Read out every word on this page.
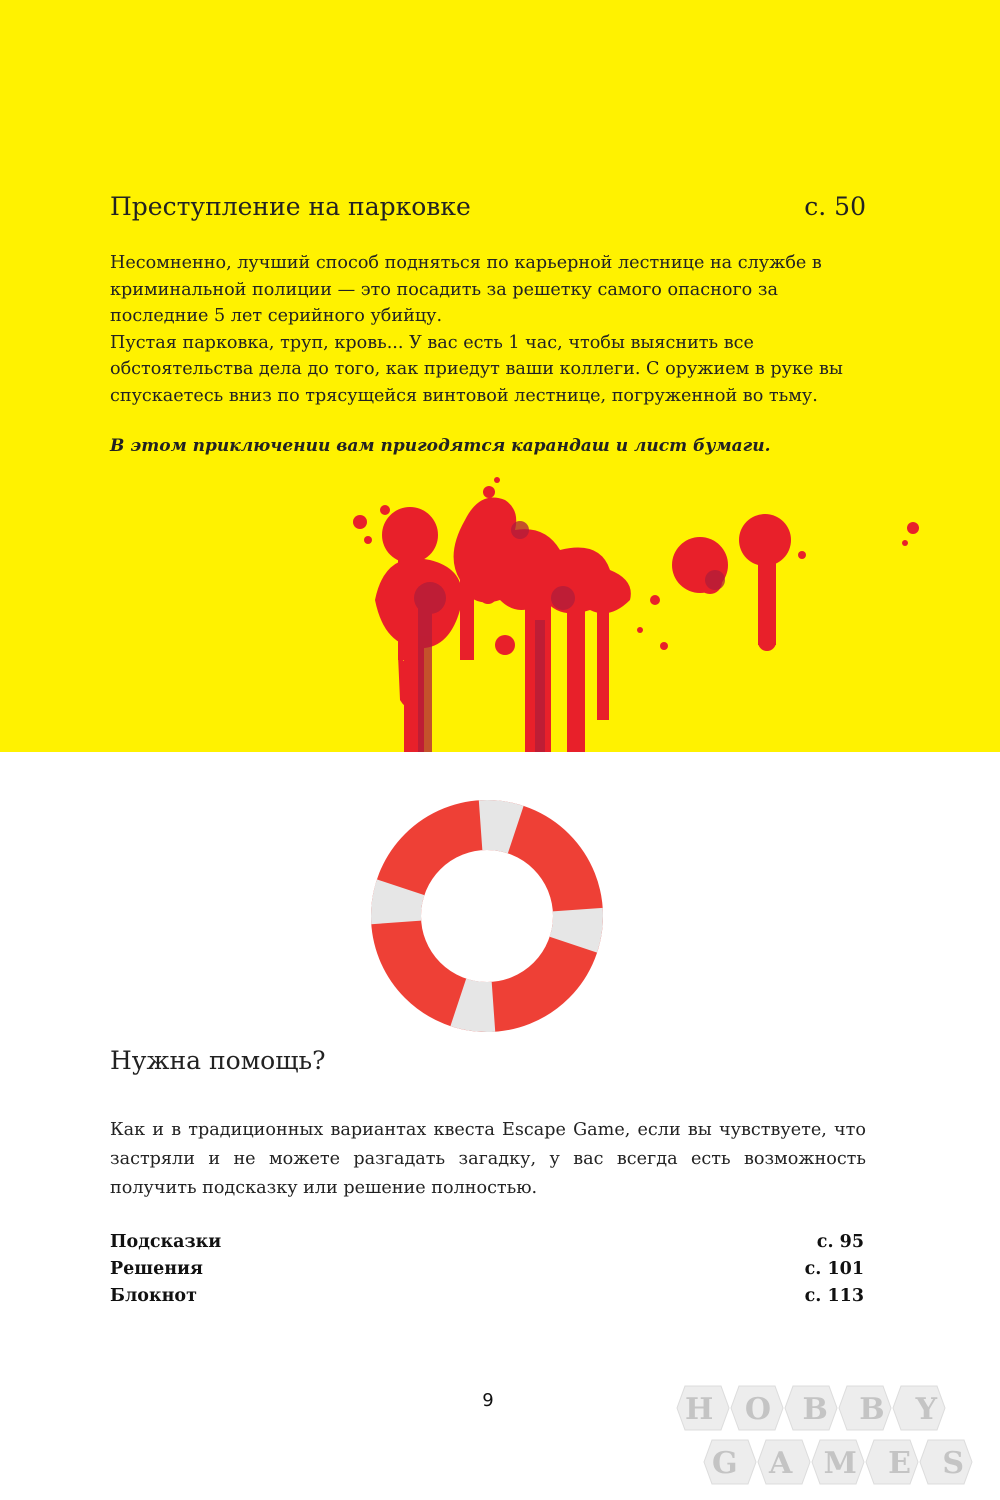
Преступление на парковке	с. 50

Несомненно, лучший способ подняться по карьерной лестнице на службе в криминальной полиции — это посадить за решетку самого опасного за последние 5 лет серийного убийцу.

Пустая парковка, труп, кровь... У вас есть 1 час, чтобы выяснить все обстоятельства дела до того, как приедут ваши коллеги. С оружием в руке вы спускаетесь вниз по трясущейся винтовой лестнице, погруженной во тьму.

В этом приключении вам пригодятся карандаш и лист бумаги.
Нужна помощь?

Как и в традиционных вариантах квеста Escape Game, если вы чувствуете, что застряли и не можете разгадать загадку, у вас всегда есть возможность получить подсказку или решение полностью.

Подсказки	с. 95
Решения	с. 101
Блокнот	с. 113
9	HOBBY
GAMES
